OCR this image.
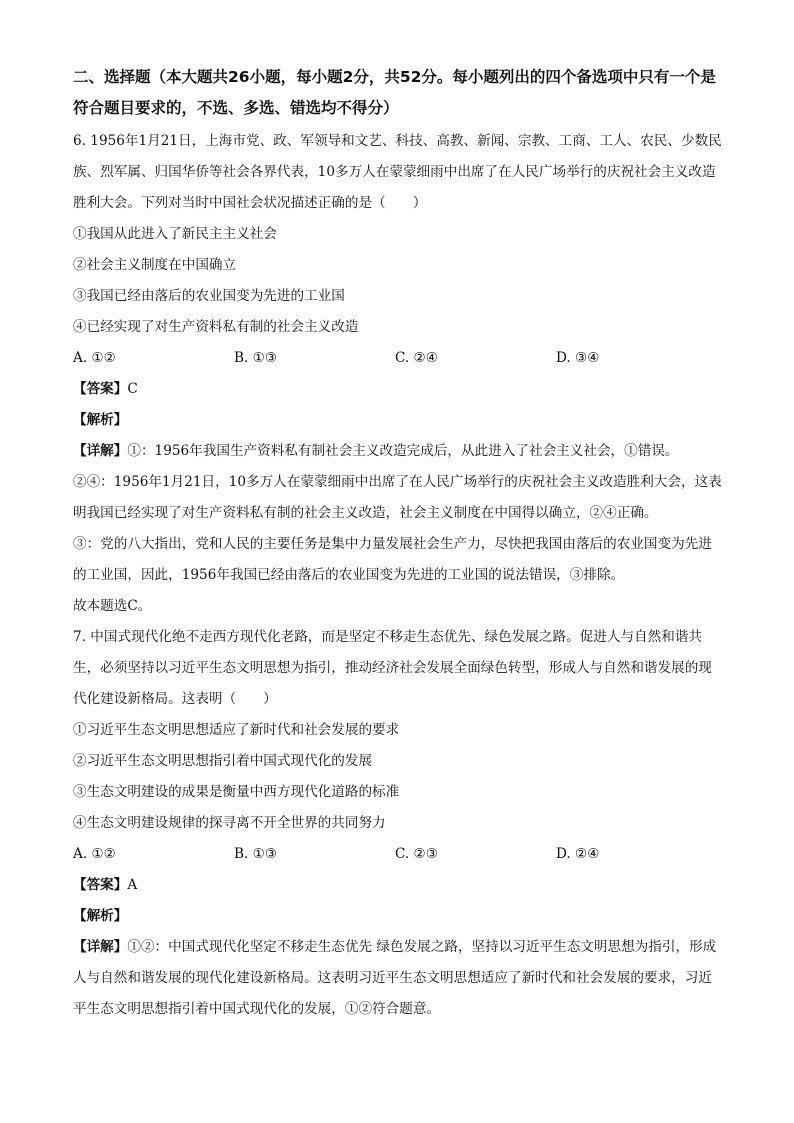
二、选择题（本大题共26小题，每小题2分，共52分。每小题列出的四个备选项中只有一个是符合题目要求的，不选、多选、错选均不得分）

6. 1956年1月21日，上海市党、政、军领导和文艺、科技、高教、新闻、宗教、工商、工人、农民、少数民族、烈军属、归国华侨等社会各界代表，10多万人在蒙蒙细雨中出席了在人民广场举行的庆祝社会主义改造胜利大会。下列对当时中国社会状况描述正确的是（　　）

①我国从此进入了新民主主义社会

②社会主义制度在中国确立

③我国已经由落后的农业国变为先进的工业国

④已经实现了对生产资料私有制的社会主义改造

A. ①②	B. ①③	C. ②④	D. ③④

【答案】 C

【解析】

【详解】①：1956年我国生产资料私有制社会主义改造完成后，从此进入了社会主义社会，①错误。

②④：1956年1月21日，10多万人在蒙蒙细雨中出席了在人民广场举行的庆祝社会主义改造胜利大会，这表明我国已经实现了对生产资料私有制的社会主义改造，社会主义制度在中国得以确立，②④正确。

③：党的八大指出，党和人民的主要任务是集中力量发展社会生产力，尽快把我国由落后的农业国变为先进的工业国，因此，1956年我国已经由落后的农业国变为先进的工业国的说法错误，③排除。

故本题选C。

7. 中国式现代化绝不走西方现代化老路，而是坚定不移走生态优先、绿色发展之路。促进人与自然和谐共生，必须坚持以习近平生态文明思想为指引，推动经济社会发展全面绿色转型，形成人与自然和谐发展的现代化建设新格局。这表明（　　）

①习近平生态文明思想适应了新时代和社会发展的要求

②习近平生态文明思想指引着中国式现代化的发展

③生态文明建设的成果是衡量中西方现代化道路的标准

④生态文明建设规律的探寻离不开全世界的共同努力

A. ①②	B. ①③	C. ②③	D. ②④

【答案】 A

【解析】

【详解】①②：中国式现代化坚定不移走生态优先 绿色发展之路，坚持以习近平生态文明思想为指引，形成人与自然和谐发展的现代化建设新格局。这表明习近平生态文明思想适应了新时代和社会发展的要求，习近平生态文明思想指引着中国式现代化的发展，①②符合题意。
